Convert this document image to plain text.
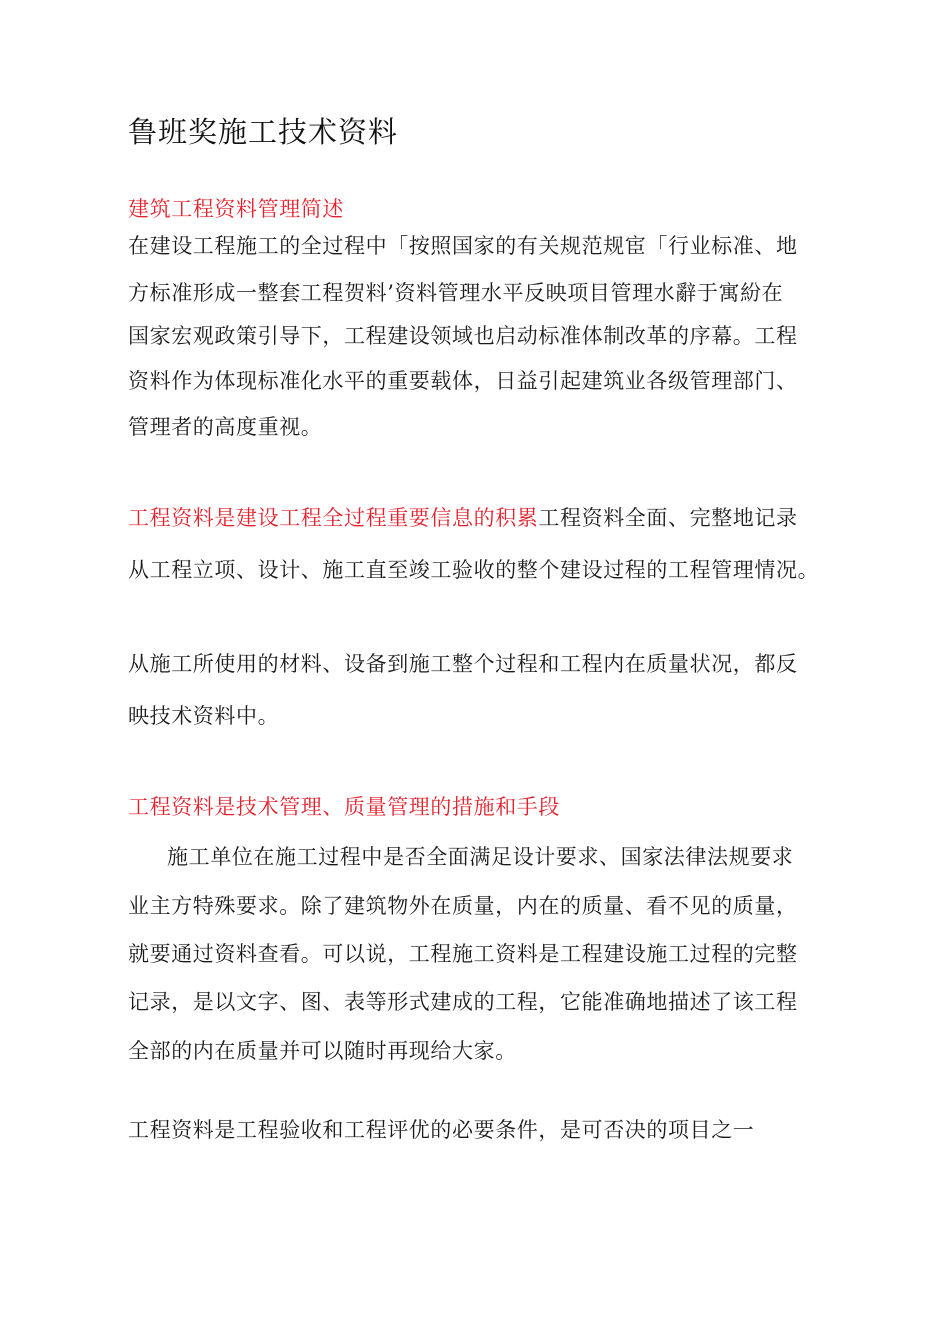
鲁班奖施工技术资料
建筑工程资料管理简述
在建设工程施工的全过程中「按照国家的有关规范规宦「行业标准、地
方标准形成一整套工程贺料’资料管理水平反映项目管理水辭于寓紛在
国家宏观政策引导下，工程建设领域也启动标准体制改革的序幕。工程
资料作为体现标准化水平的重要载体，日益引起建筑业各级管理部门、
管理者的高度重视。
工程资料是建设工程全过程重要信息的积累工程资料全面、完整地记录
从工程立项、设计、施工直至竣工验收的整个建设过程的工程管理情况。
从施工所使用的材料、设备到施工整个过程和工程内在质量状况，都反
映技术资料中。
工程资料是技术管理、质量管理的措施和手段
施工单位在施工过程中是否全面满足设计要求、国家法律法规要求
业主方特殊要求。除了建筑物外在质量，内在的质量、看不见的质量，
就要通过资料查看。可以说，工程施工资料是工程建设施工过程的完整
记录，是以文字、图、表等形式建成的工程，它能准确地描述了该工程
全部的内在质量并可以随时再现给大家。
工程资料是工程验收和工程评优的必要条件，是可否决的项目之一
